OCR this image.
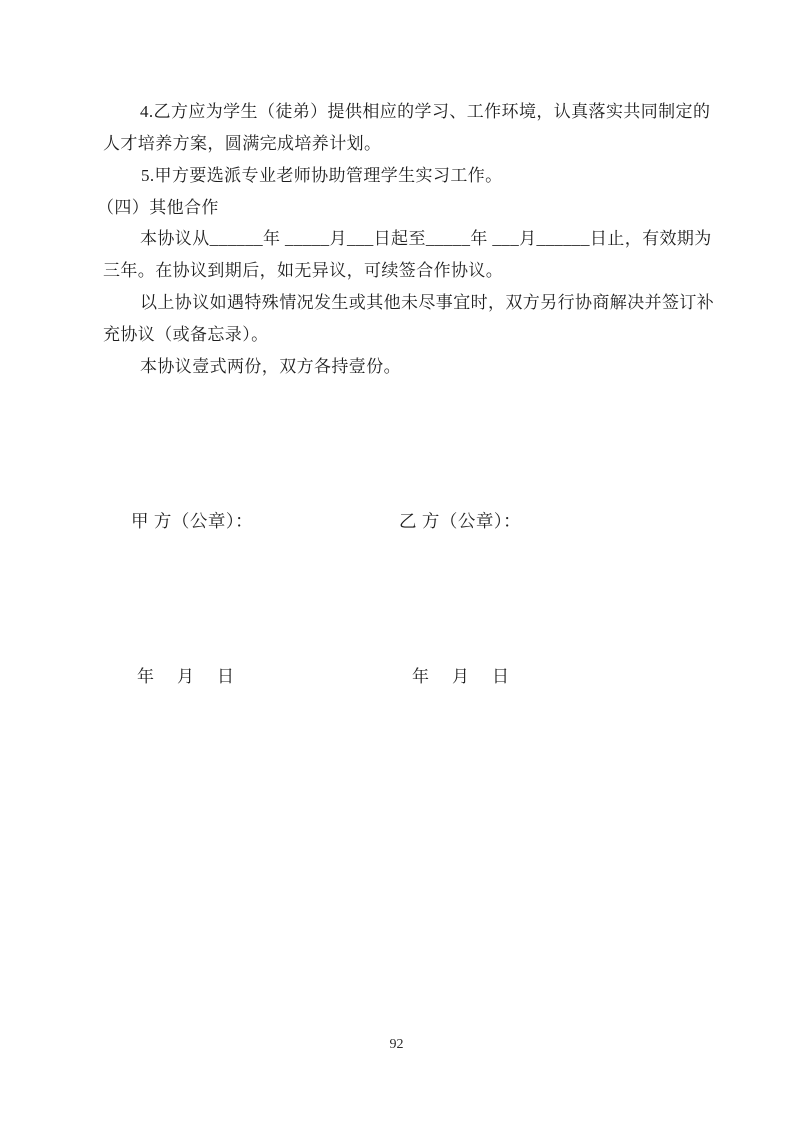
4.乙方应为学生（徒弟）提供相应的学习、工作环境，认真落实共同制定的
人才培养方案，圆满完成培养计划。
5.甲方要选派专业老师协助管理学生实习工作。
（四）其他合作
本协议从______年 _____月___日起至_____年 ___月______日止，有效期为
三年。在协议到期后，如无异议，可续签合作协议。
以上协议如遇特殊情况发生或其他未尽事宜时，双方另行协商解决并签订补
充协议（或备忘录）。
本协议壹式两份，双方各持壹份。
甲 方（公章）：	乙 方（公章）：
年　月　日	年　月　日
92
